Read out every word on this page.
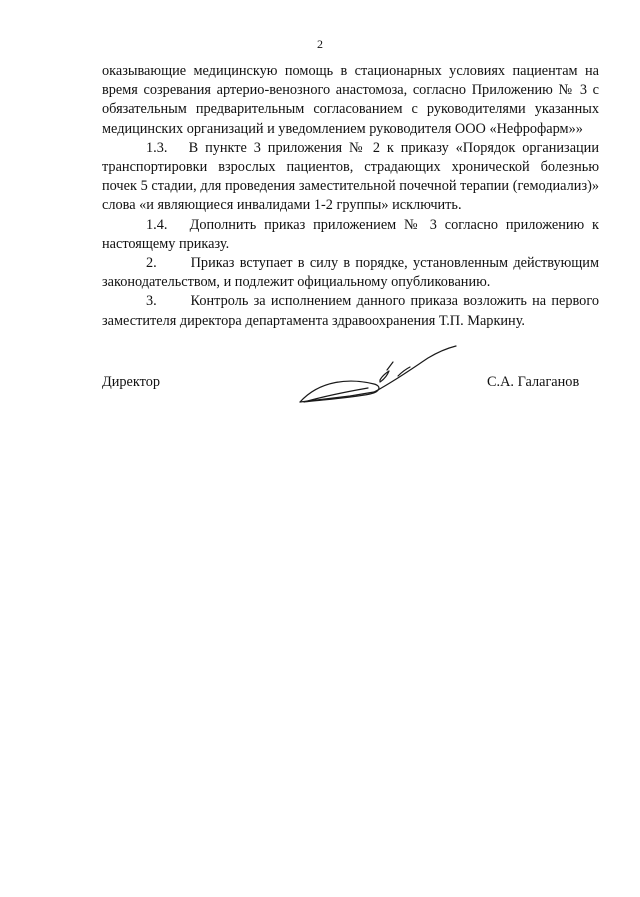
2

оказывающие медицинскую помощь в стационарных условиях пациентам на время созревания артерио-венозного анастомоза, согласно Приложению № 3 с обязательным предварительным согласованием с руководителями указанных медицинских организаций и уведомлением руководителя ООО «Нефрофарм»»

1.3.  В пункте 3 приложения № 2 к приказу «Порядок организации транспортировки взрослых пациентов, страдающих хронической болезнью почек 5 стадии, для проведения заместительной почечной терапии (гемодиализ)» слова «и являющиеся инвалидами 1-2 группы» исключить.

1.4.  Дополнить приказ приложением № 3 согласно приложению к настоящему приказу.

2.   Приказ вступает в силу в порядке, установленным действующим законодательством, и подлежит официальному опубликованию.

3.   Контроль за исполнением данного приказа возложить на первого заместителя директора департамента здравоохранения Т.П. Маркину.

Директор	С.А. Галаганов
